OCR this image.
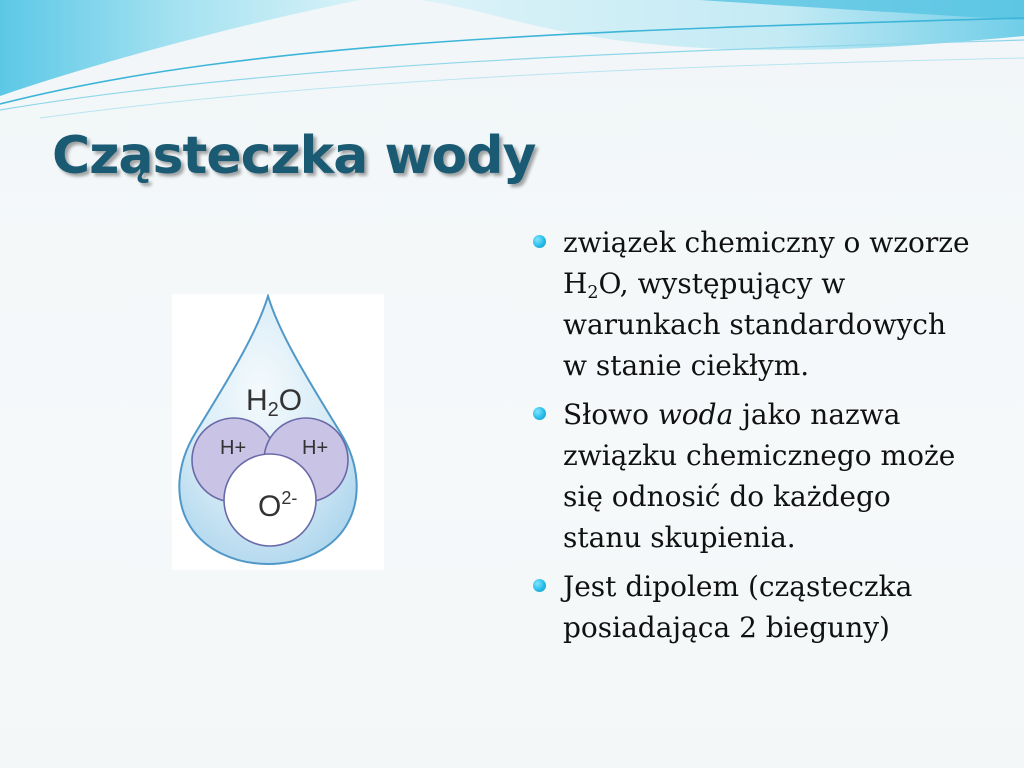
Cząsteczka wody
$H_2O$
H+	H+
$O^{2-}$
związek chemiczny o wzorze $H_2O$, występujący w warunkach standardowych w stanie ciekłym.
Słowo woda jako nazwa związku chemicznego może się odnosić do każdego stanu skupienia.
Jest dipolem (cząsteczka posiadająca 2 bieguny)
